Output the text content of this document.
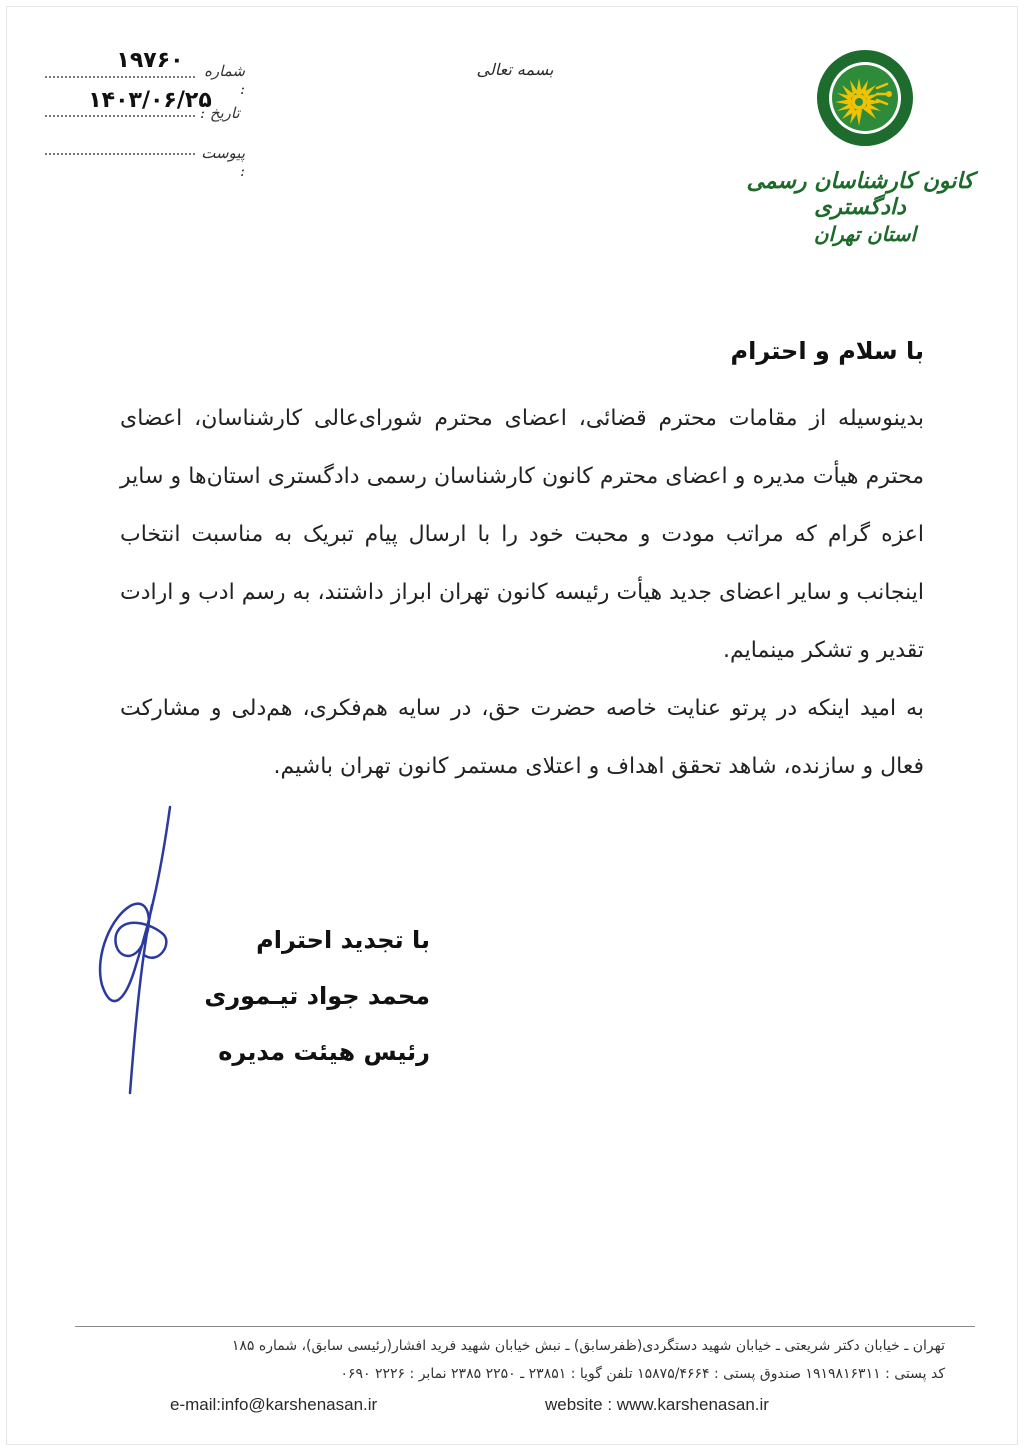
۱۹۷۶۰	شماره :
۱۴۰۳/۰۶/۲۵
تاریخ :
پیوست :
بسمه تعالی
کانون کارشناسان رسمی دادگستری
استان تهران
با سلام و احترام

بدینوسیله از مقامات محترم قضائی، اعضای محترم شورای‌عالی کارشناسان، اعضای محترم هیأت مدیره و اعضای محترم کانون کارشناسان رسمی دادگستری استان‌ها و سایر اعزه گرام که مراتب مودت و محبت خود را با ارسال پیام تبریک به مناسبت انتخاب اینجانب و سایر اعضای جدید هیأت رئیسه کانون تهران ابراز داشتند، به رسم ادب و ارادت تقدیر و تشکر مینمایم.

به امید اینکه در پرتو عنایت خاصه حضرت حق، در سایه هم‌فکری، هم‌دلی و مشارکت فعال و سازنده، شاهد تحقق اهداف و اعتلای مستمر کانون تهران باشیم.

با تجدید احترام
محمد جواد تیـموری
رئیس هیئت مدیره
تهران ـ خیابان دکتر شریعتی ـ خیابان شهید دستگردی(ظفرسابق) ـ نبش خیابان شهید فرید افشار(رئیسی سابق)، شماره ۱۸۵
کد پستی : ۱۹۱۹۸۱۶۳۱۱ صندوق پستی : ۱۵۸۷۵/۴۶۶۴ تلفن گویا : ۲۳۸۵۱ ـ ۲۲۵۰ ۲۳۸۵ نمابر : ۲۲۲۶ ۰۶۹۰
e-mail:info@karshenasan.ir	website : www.karshenasan.ir
